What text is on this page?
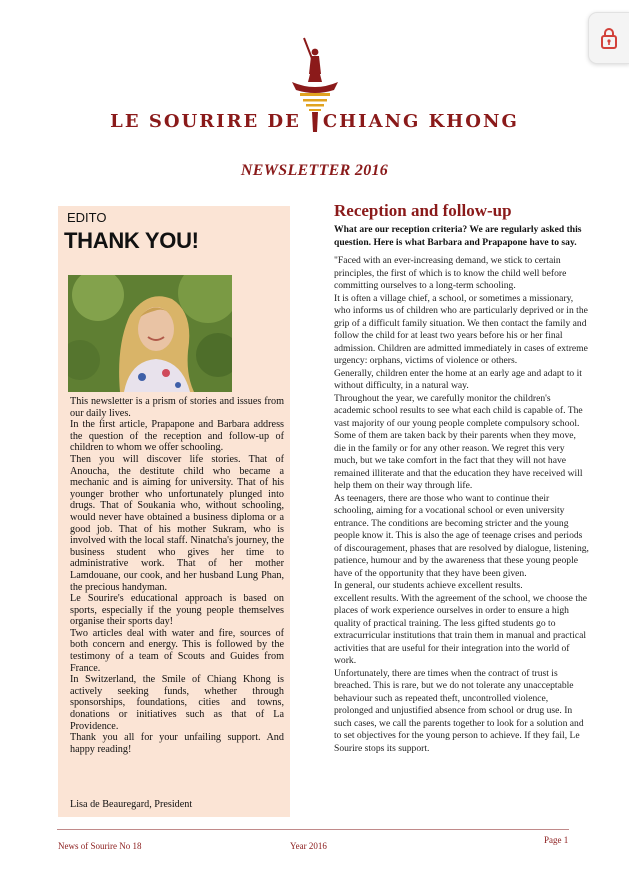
LE SOURIRE DE CHIANG KHONG
NEWSLETTER 2016
EDITO
THANK YOU!

This newsletter is a prism of stories and issues from our daily lives.

In the first article, Prapapone and Barbara address the question of the reception and follow-up of children to whom we offer schooling.

Then you will discover life stories. That of Anoucha, the destitute child who became a mechanic and is aiming for university. That of his younger brother who unfortunately plunged into drugs. That of Soukania who, without schooling, would never have obtained a business diploma or a good job. That of his mother Sukram, who is involved with the local staff. Ninatcha's journey, the business student who gives her time to administrative work. That of her mother Lamdouane, our cook, and her husband Lung Phan, the precious handyman.

Le Sourire's educational approach is based on sports, especially if the young people themselves organise their sports day!

Two articles deal with water and fire, sources of both concern and energy. This is followed by the testimony of a team of Scouts and Guides from France.

In Switzerland, the Smile of Chiang Khong is actively seeking funds, whether through sponsorships, foundations, cities and towns, donations or initiatives such as that of La Providence.

Thank you all for your unfailing support. And happy reading!

Lisa de Beauregard, President
Reception and follow-up
What are our reception criteria? We are regularly asked this question. Here is what Barbara and Prapapone have to say.

"Faced with an ever-increasing demand, we stick to certain principles, the first of which is to know the child well before committing ourselves to a long-term schooling.

It is often a village chief, a school, or sometimes a missionary, who informs us of children who are particularly deprived or in the grip of a difficult family situation. We then contact the family and follow the child for at least two years before his or her final admission. Children are admitted immediately in cases of extreme urgency: orphans, victims of violence or others.

Generally, children enter the home at an early age and adapt to it without difficulty, in a natural way.

Throughout the year, we carefully monitor the children's academic school results to see what each child is capable of. The vast majority of our young people complete compulsory school. Some of them are taken back by their parents when they move, die in the family or for any other reason. We regret this very much, but we take comfort in the fact that they will not have remained illiterate and that the education they have received will help them on their way through life.

As teenagers, there are those who want to continue their schooling, aiming for a vocational school or even university entrance. The conditions are becoming stricter and the young people know it. This is also the age of teenage crises and periods of discouragement, phases that are resolved by dialogue, listening, patience, humour and by the awareness that these young people have of the opportunity that they have been given.

In general, our students achieve excellent results.

excellent results. With the agreement of the school, we choose the places of work experience ourselves in order to ensure a high quality of practical training. The less gifted students go to extracurricular institutions that train them in manual and practical activities that are useful for their integration into the world of work.

Unfortunately, there are times when the contract of trust is breached. This is rare, but we do not tolerate any unacceptable behaviour such as repeated theft, uncontrolled violence, prolonged and unjustified absence from school or drug use. In such cases, we call the parents together to look for a solution and to set objectives for the young person to achieve. If they fail, Le Sourire stops its support.

News of Sourire No 18	Year 2016
Page 1
